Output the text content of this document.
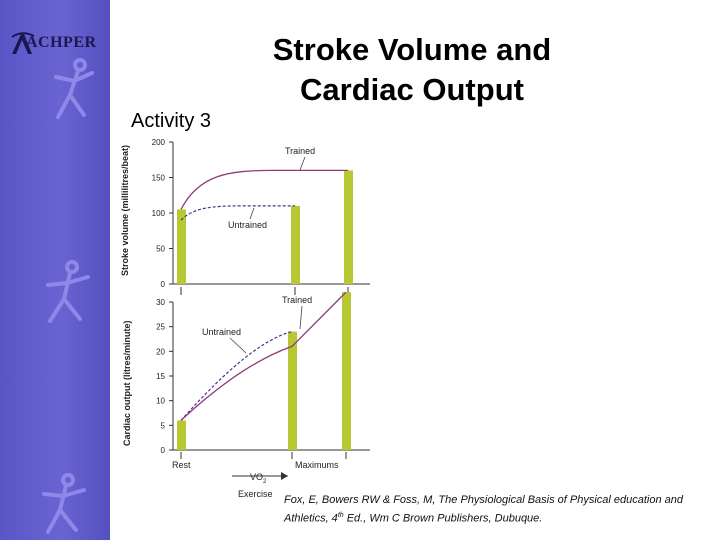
ACHPER
Activity 3
Stroke Volume and
Cardiac Output
Stroke volume (millilitres/beat)
0
50
100
150
200
Trained
Untrained
Cardiac output (litres/minute)
0
5
10
15
20
25
30	Trained
Untrained
Rest	Maximums
$VO_2$
Exercise Fox, E, Bowers RW & Foss, M, The Physiological Basis of Physical education and Athletics, 4th Ed., Wm C Brown Publishers, Dubuque.
